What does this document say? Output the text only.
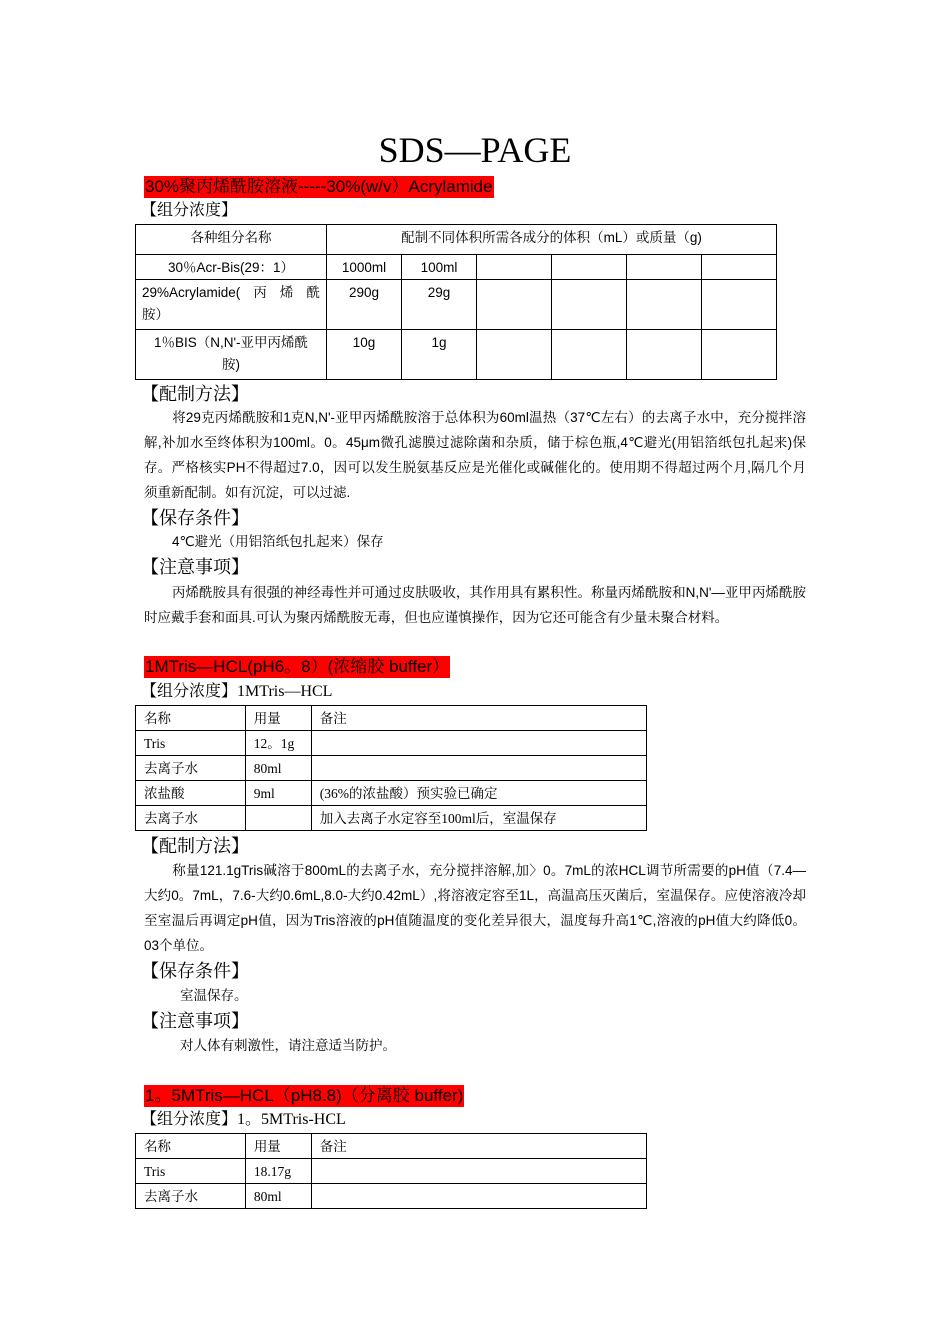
SDS—PAGE
30%聚丙烯酰胺溶液-----30%(w/v）Acrylamide
【组分浓度】
各种组分名称	配制不同体积所需各成分的体积（mL）或质量（g)					
30％Acr-Bis(29：1）	1000ml	100ml				

29%Acrylamide(丙烯酰
胺）	290g	29g				

1％BIS（N,N'-亚甲丙烯酰
胺)	10g	1g				
【配制方法】
将29克丙烯酰胺和1克N,N'-亚甲丙烯酰胺溶于总体积为60ml温热（37℃左右）的去离子水中，充分搅拌溶解,补加水至终体积为100ml。0。45μm微孔滤膜过滤除菌和杂质，储于棕色瓶,4℃避光(用铝箔纸包扎起来)保存。严格核实PH不得超过7.0，因可以发生脱氨基反应是光催化或碱催化的。使用期不得超过两个月,隔几个月须重新配制。如有沉淀，可以过滤.
【保存条件】
4℃避光（用铝箔纸包扎起来）保存
【注意事项】
丙烯酰胺具有很强的神经毒性并可通过皮肤吸收，其作用具有累积性。称量丙烯酰胺和N,N'—亚甲丙烯酰胺时应戴手套和面具.可认为聚丙烯酰胺无毒，但也应谨慎操作，因为它还可能含有少量未聚合材料。
1MTris—HCL(pH6。8）(浓缩胶 buffer）
【组分浓度】1MTris—HCL
名称	用量	备注
Tris	12。1g	
去离子水	80ml	
浓盐酸	9ml	(36%的浓盐酸）预实验已确定
去离子水		加入去离子水定容至100ml后，室温保存
【配制方法】
称量121.1gTris碱溶于800mL的去离子水，充分搅拌溶解,加〉0。7mL的浓HCL调节所需要的pH值（7.4—大约0。7mL，7.6-大约0.6mL,8.0-大约0.42mL）,将溶液定容至1L，高温高压灭菌后，室温保存。应使溶液冷却至室温后再调定pH值，因为Tris溶液的pH值随温度的变化差异很大，温度每升高1℃,溶液的pH值大约降低0。03个单位。
【保存条件】
室温保存。
【注意事项】
对人体有刺激性，请注意适当防护。
1。5MTris—HCL（pH8.8)（分离胶 buffer)
【组分浓度】1。5MTris-HCL
名称	用量	备注
Tris	18.17g	
去离子水	80ml	
